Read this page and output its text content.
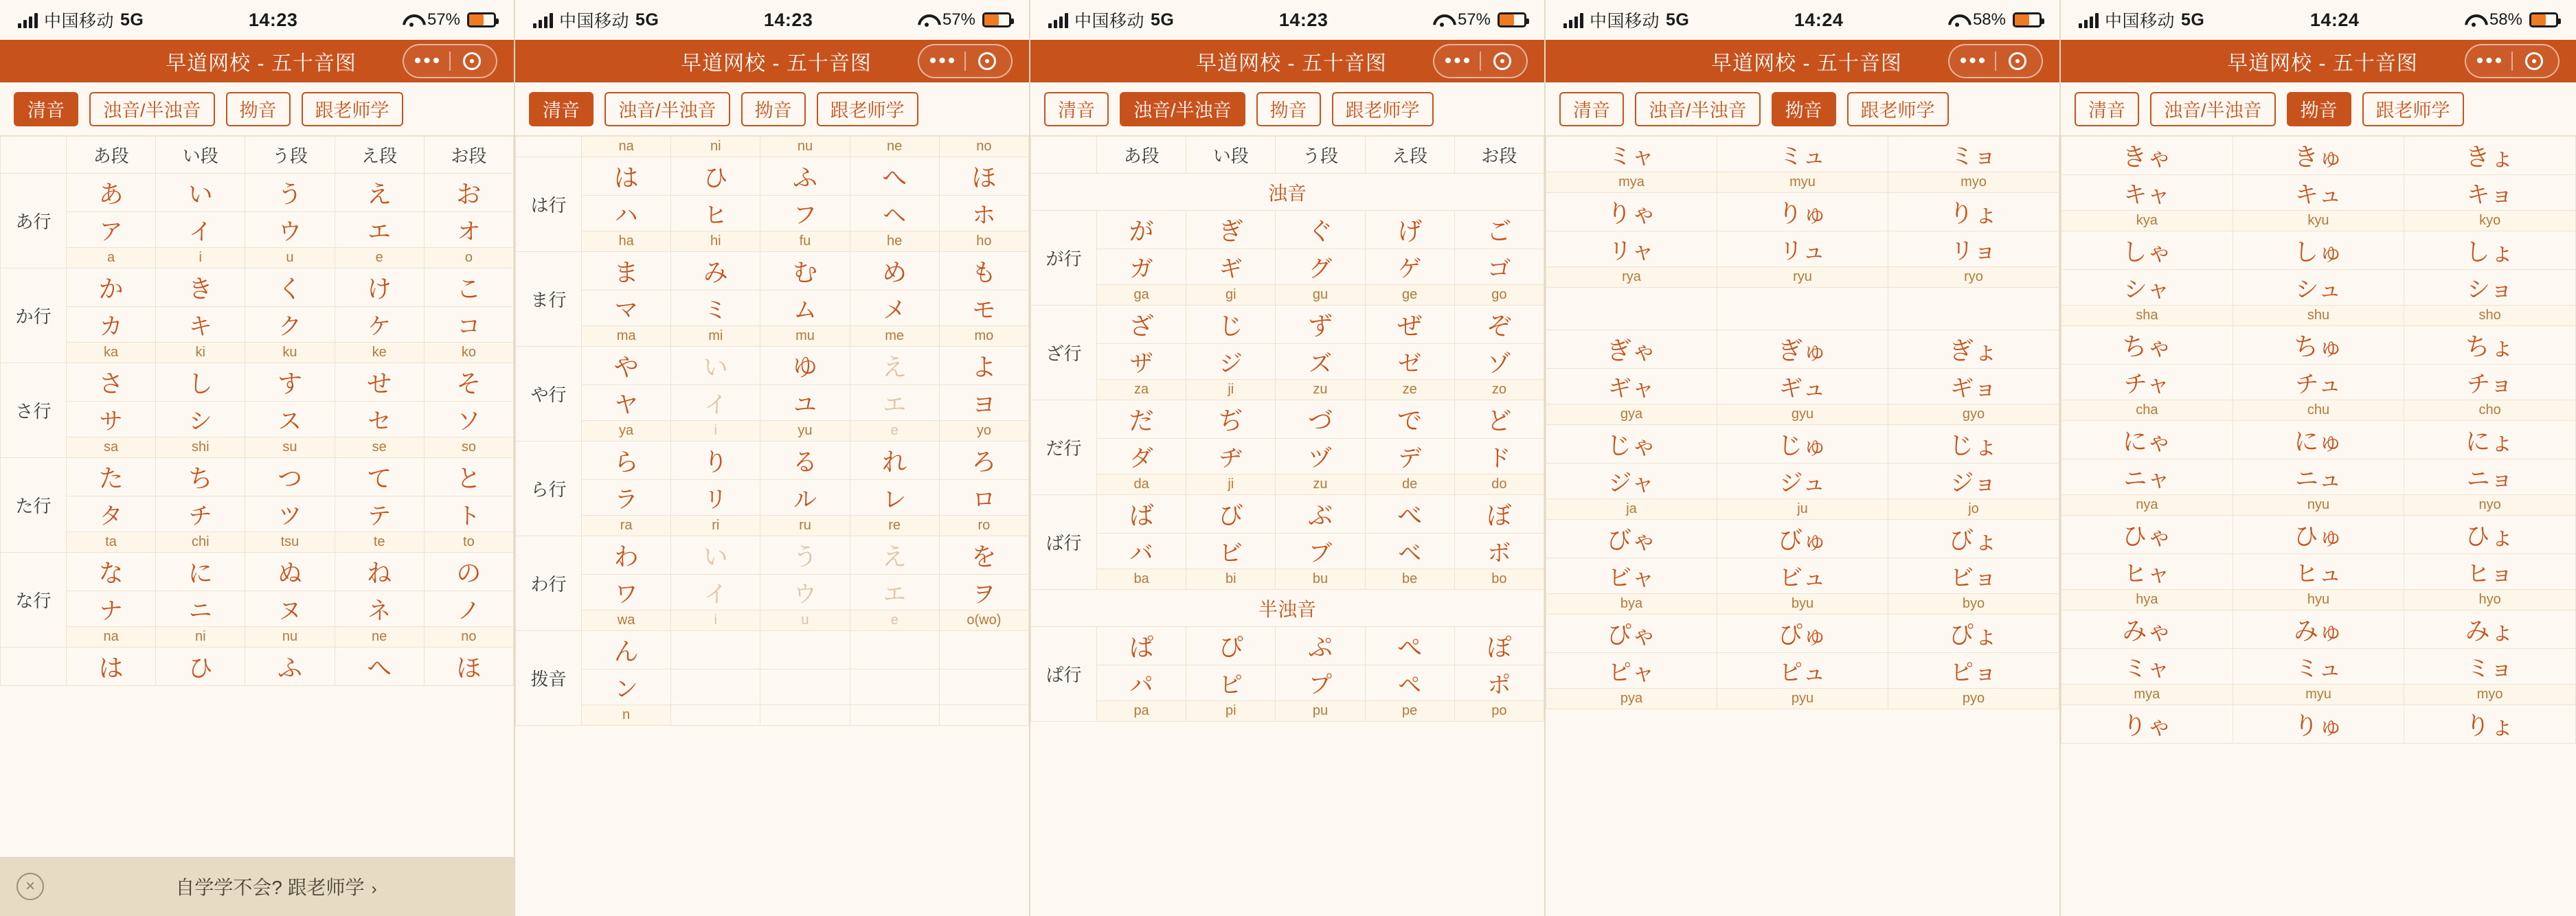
中国移动 5G	14:23	57%
早道网校 - 五十音图	•••
清音	浊音/半浊音	拗音	跟老师学
	あ段	い段	う段	え段	お段
あ行	あ	い	う	え	お
	ア	イ	ウ	エ	オ
	a	i	u	e	o
か行	か	き	く	け	こ
	カ	キ	ク	ケ	コ
	ka	ki	ku	ke	ko
さ行	さ	し	す	せ	そ
	サ	シ	ス	セ	ソ
	sa	shi	su	se	so
た行	た	ち	つ	て	と
	タ	チ	ツ	テ	ト
	ta	chi	tsu	te	to
な行	な	に	ぬ	ね	の
	ナ	ニ	ヌ	ネ	ノ
	na	ni	nu	ne	no
	は	ひ	ふ	へ	ほ
×	自学学不会? 跟老师学 ›
中国移动 5G	14:23	57%
早道网校 - 五十音图	•••
清音	浊音/半浊音	拗音	跟老师学
	na	ni	nu	ne	no
は行	は	ひ	ふ	へ	ほ
	ハ	ヒ	フ	ヘ	ホ
	ha	hi	fu	he	ho
ま行	ま	み	む	め	も
	マ	ミ	ム	メ	モ
	ma	mi	mu	me	mo
や行	や	い	ゆ	え	よ
	ヤ	イ	ユ	エ	ヨ
	ya	i	yu	e	yo
ら行	ら	り	る	れ	ろ
	ラ	リ	ル	レ	ロ
	ra	ri	ru	re	ro
わ行	わ	い	う	え	を
	ワ	イ	ウ	エ	ヲ
	wa	i	u	e	o(wo)
拨音	ん				
	ン				
	n				
中国移动 5G	14:23	57%
早道网校 - 五十音图	•••
清音	浊音/半浊音	拗音	跟老师学
	あ段	い段	う段	え段	お段
浊音					
が行	が	ぎ	ぐ	げ	ご
	ガ	ギ	グ	ゲ	ゴ
	ga	gi	gu	ge	go
ざ行	ざ	じ	ず	ぜ	ぞ
	ザ	ジ	ズ	ゼ	ゾ
	za	ji	zu	ze	zo
だ行	だ	ぢ	づ	で	ど
	ダ	ヂ	ヅ	デ	ド
	da	ji	zu	de	do
ば行	ば	び	ぶ	べ	ぼ
	バ	ビ	ブ	ベ	ボ
	ba	bi	bu	be	bo
半浊音					
ぱ行	ぱ	ぴ	ぷ	ぺ	ぽ
	パ	ピ	プ	ペ	ポ
	pa	pi	pu	pe	po
中国移动 5G	14:24	58%
早道网校 - 五十音图	•••
清音	浊音/半浊音	拗音	跟老师学
ミャ	ミュ	ミョ
mya	myu	myo
りゃ	りゅ	りょ
リャ	リュ	リョ
rya	ryu	ryo

ぎゃ	ぎゅ	ぎょ
ギャ	ギュ	ギョ
gya	gyu	gyo
じゃ	じゅ	じょ
ジャ	ジュ	ジョ
ja	ju	jo
びゃ	びゅ	びょ
ビャ	ビュ	ビョ
bya	byu	byo
ぴゃ	ぴゅ	ぴょ
ピャ	ピュ	ピョ
pya	pyu	pyo
中国移动 5G	14:24	58%
早道网校 - 五十音图	•••
清音	浊音/半浊音	拗音	跟老师学
きゃ	きゅ	きょ
キャ	キュ	キョ
kya	kyu	kyo
しゃ	しゅ	しょ
シャ	シュ	ショ
sha	shu	sho
ちゃ	ちゅ	ちょ
チャ	チュ	チョ
cha	chu	cho
にゃ	にゅ	にょ
ニャ	ニュ	ニョ
nya	nyu	nyo
ひゃ	ひゅ	ひょ
ヒャ	ヒュ	ヒョ
hya	hyu	hyo
みゃ	みゅ	みょ
ミャ	ミュ	ミョ
mya	myu	myo
りゃ	りゅ	りょ
